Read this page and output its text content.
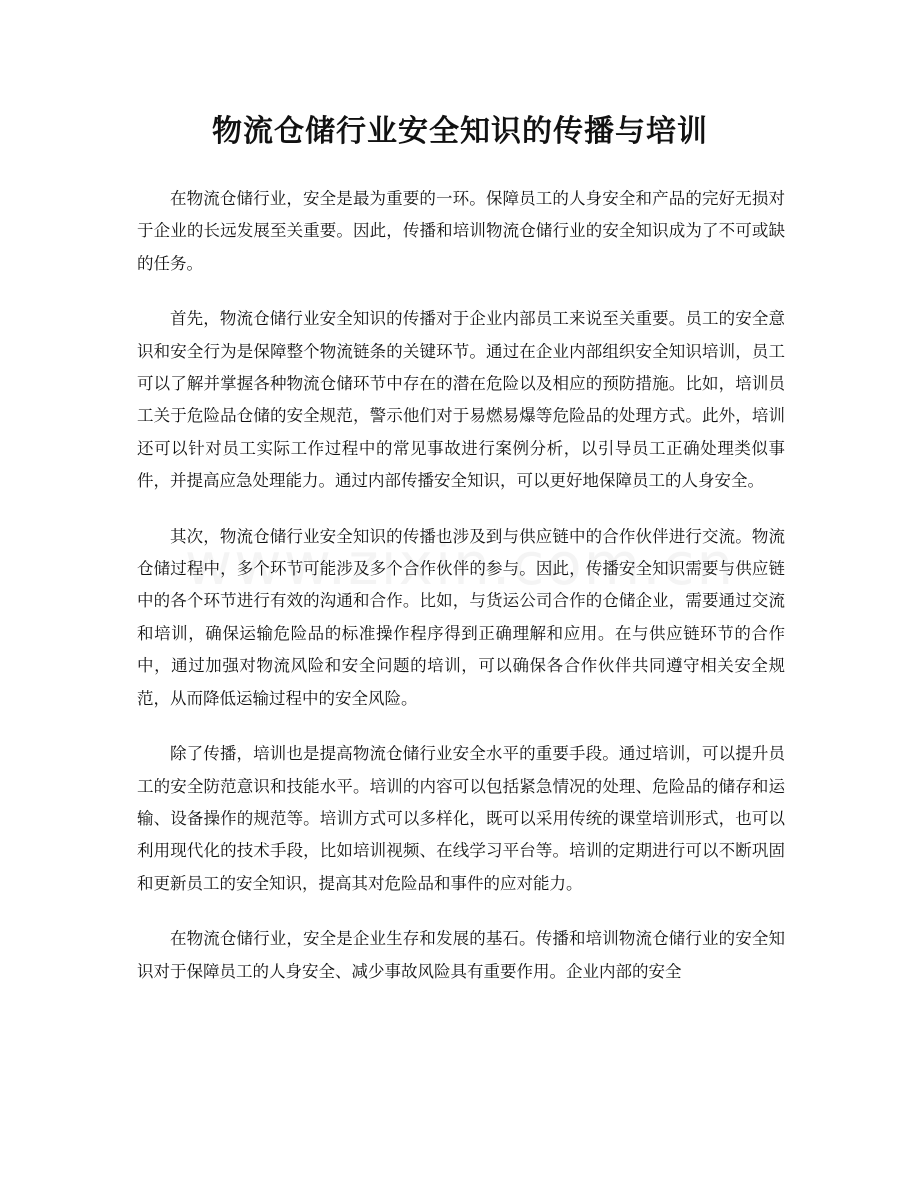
物流仓储行业安全知识的传播与培训

在物流仓储行业，安全是最为重要的一环。保障员工的人身安全和产品的完好无损对于企业的长远发展至关重要。因此，传播和培训物流仓储行业的安全知识成为了不可或缺的任务。

首先，物流仓储行业安全知识的传播对于企业内部员工来说至关重要。员工的安全意识和安全行为是保障整个物流链条的关键环节。通过在企业内部组织安全知识培训，员工可以了解并掌握各种物流仓储环节中存在的潜在危险以及相应的预防措施。比如，培训员工关于危险品仓储的安全规范，警示他们对于易燃易爆等危险品的处理方式。此外，培训还可以针对员工实际工作过程中的常见事故进行案例分析，以引导员工正确处理类似事件，并提高应急处理能力。通过内部传播安全知识，可以更好地保障员工的人身安全。

其次，物流仓储行业安全知识的传播也涉及到与供应链中的合作伙伴进行交流。物流仓储过程中，多个环节可能涉及多个合作伙伴的参与。因此，传播安全知识需要与供应链中的各个环节进行有效的沟通和合作。比如，与货运公司合作的仓储企业，需要通过交流和培训，确保运输危险品的标准操作程序得到正确理解和应用。在与供应链环节的合作中，通过加强对物流风险和安全问题的培训，可以确保各合作伙伴共同遵守相关安全规范，从而降低运输过程中的安全风险。

除了传播，培训也是提高物流仓储行业安全水平的重要手段。通过培训，可以提升员工的安全防范意识和技能水平。培训的内容可以包括紧急情况的处理、危险品的储存和运输、设备操作的规范等。培训方式可以多样化，既可以采用传统的课堂培训形式，也可以利用现代化的技术手段，比如培训视频、在线学习平台等。培训的定期进行可以不断巩固和更新员工的安全知识，提高其对危险品和事件的应对能力。

在物流仓储行业，安全是企业生存和发展的基石。传播和培训物流仓储行业的安全知识对于保障员工的人身安全、减少事故风险具有重要作用。企业内部的安全
